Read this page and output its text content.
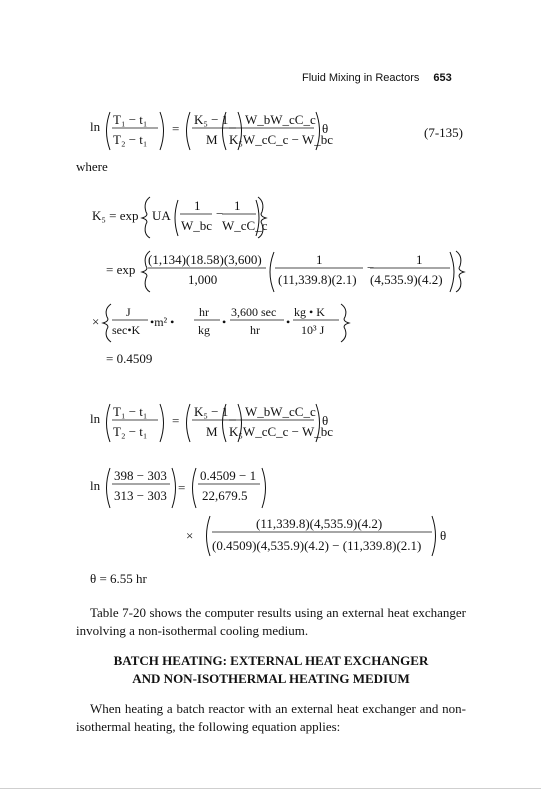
Fluid Mixing in Reactors 653
ln T₁ − t₁
T₂ − t₁
=
K₅ − 1
M
W_bW_cC_c
K₅W_cC_c − W_bc
θ	(7-135)
where
K₅ = exp UA
1
W_bc
−
1
W_cC_c
= exp
(1,134)(18.58)(3,600)
1,000
1
(11,339.8)(2.1)
−
1
(4,535.9)(4.2)
×
J
sec•K
•m² •
hr
kg
•
3,600 sec
hr
•
kg • K
10³ J
= 0.4509
ln T₁ − t₁
T₂ − t₁
=
K₅ − 1
M
W_bW_cC_c
K₅W_cC_c − W_bc
θ
ln
398 − 303
313 − 303
=
0.4509 − 1
22,679.5
×
(11,339.8)(4,535.9)(4.2)
(0.4509)(4,535.9)(4.2) − (11,339.8)(2.1)
θ
θ = 6.55 hr
Table 7-20 shows the computer results using an external heat exchanger involving a non-isothermal cooling medium.
BATCH HEATING: EXTERNAL HEAT EXCHANGER
AND NON-ISOTHERMAL HEATING MEDIUM
When heating a batch reactor with an external heat exchanger and non-isothermal heating, the following equation applies:
